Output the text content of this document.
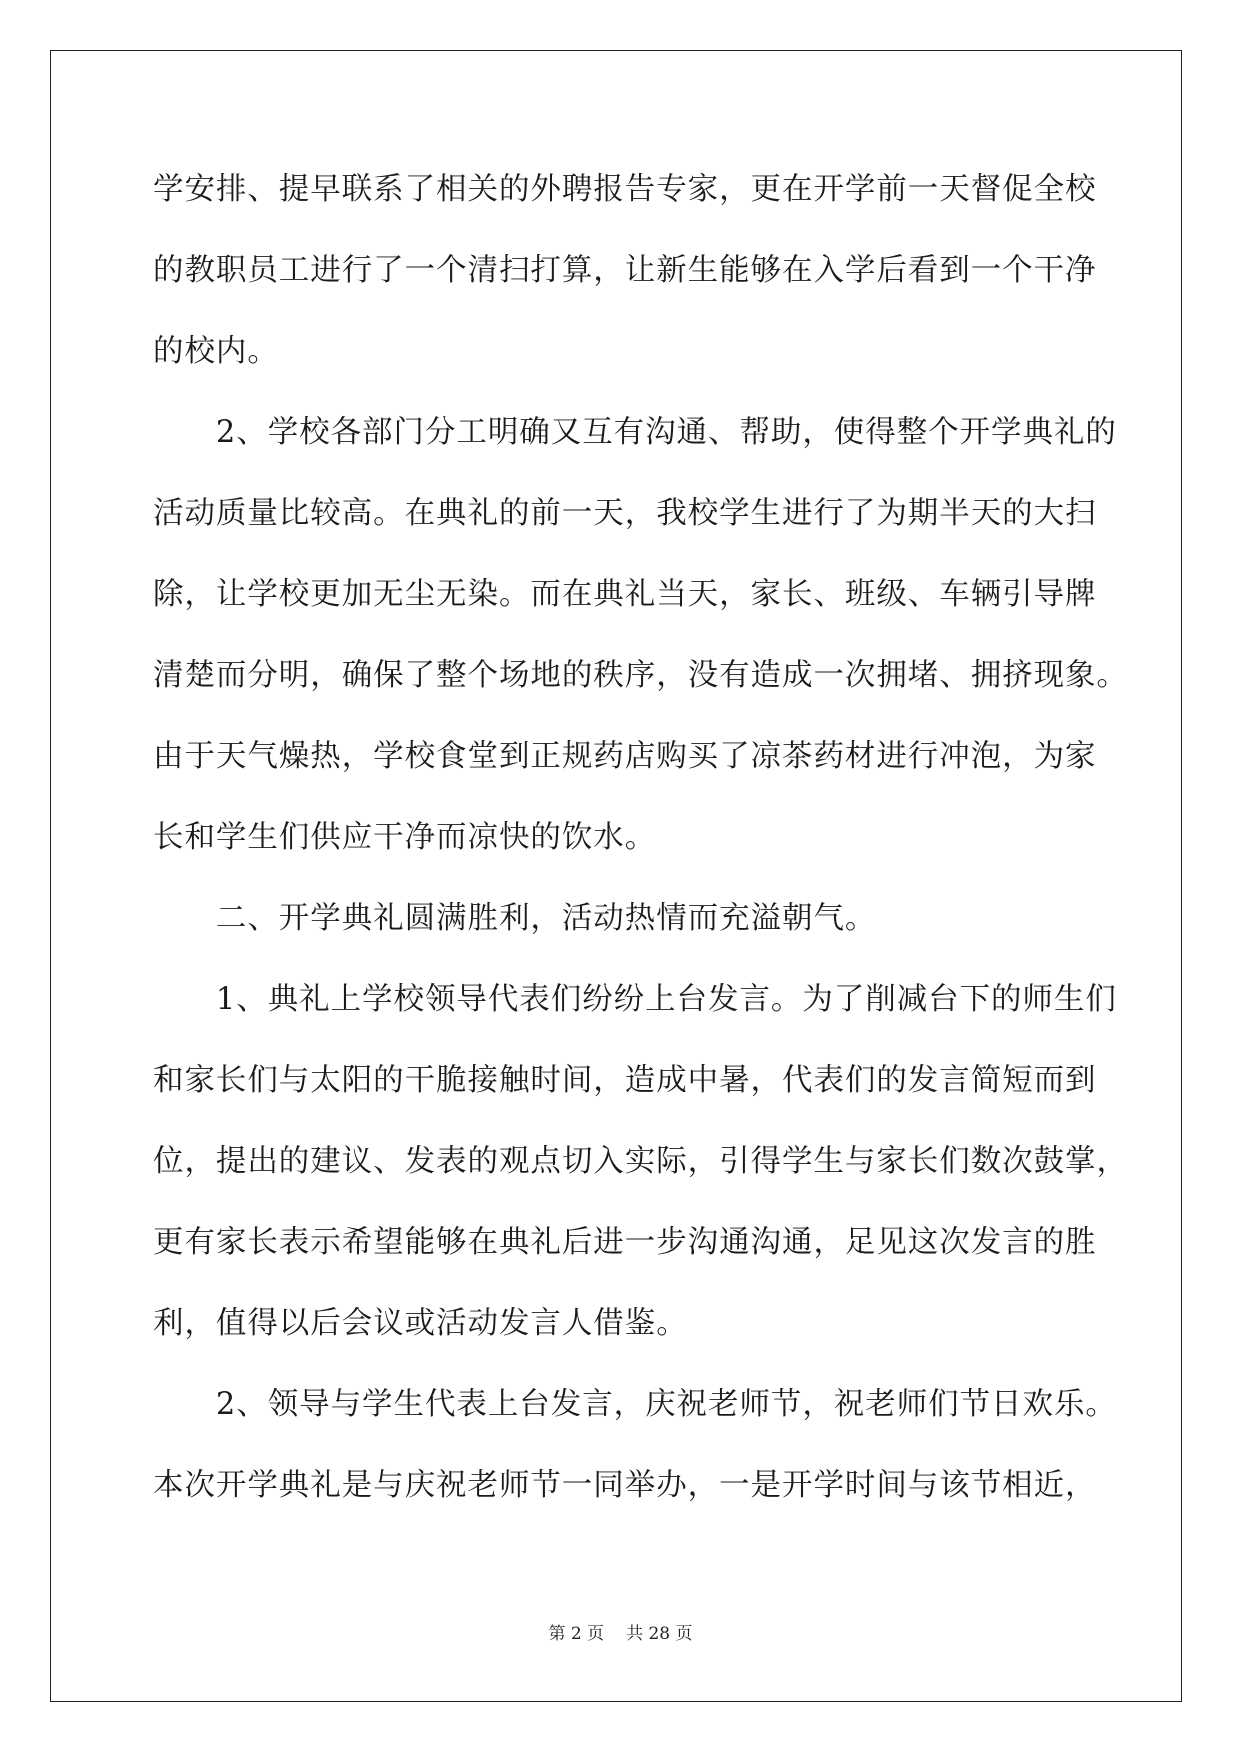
学安排、提早联系了相关的外聘报告专家，更在开学前一天督促全校
的教职员工进行了一个清扫打算，让新生能够在入学后看到一个干净
的校内。
　　2、学校各部门分工明确又互有沟通、帮助，使得整个开学典礼的
活动质量比较高。在典礼的前一天，我校学生进行了为期半天的大扫
除，让学校更加无尘无染。而在典礼当天，家长、班级、车辆引导牌
清楚而分明，确保了整个场地的秩序，没有造成一次拥堵、拥挤现象。
由于天气燥热，学校食堂到正规药店购买了凉茶药材进行冲泡，为家
长和学生们供应干净而凉快的饮水。
　　二、开学典礼圆满胜利，活动热情而充溢朝气。
　　1、典礼上学校领导代表们纷纷上台发言。为了削减台下的师生们
和家长们与太阳的干脆接触时间，造成中暑，代表们的发言简短而到
位，提出的建议、发表的观点切入实际，引得学生与家长们数次鼓掌，
更有家长表示希望能够在典礼后进一步沟通沟通，足见这次发言的胜
利，值得以后会议或活动发言人借鉴。
　　2、领导与学生代表上台发言，庆祝老师节，祝老师们节日欢乐。
本次开学典礼是与庆祝老师节一同举办，一是开学时间与该节相近，
第 2 页 共 28 页
